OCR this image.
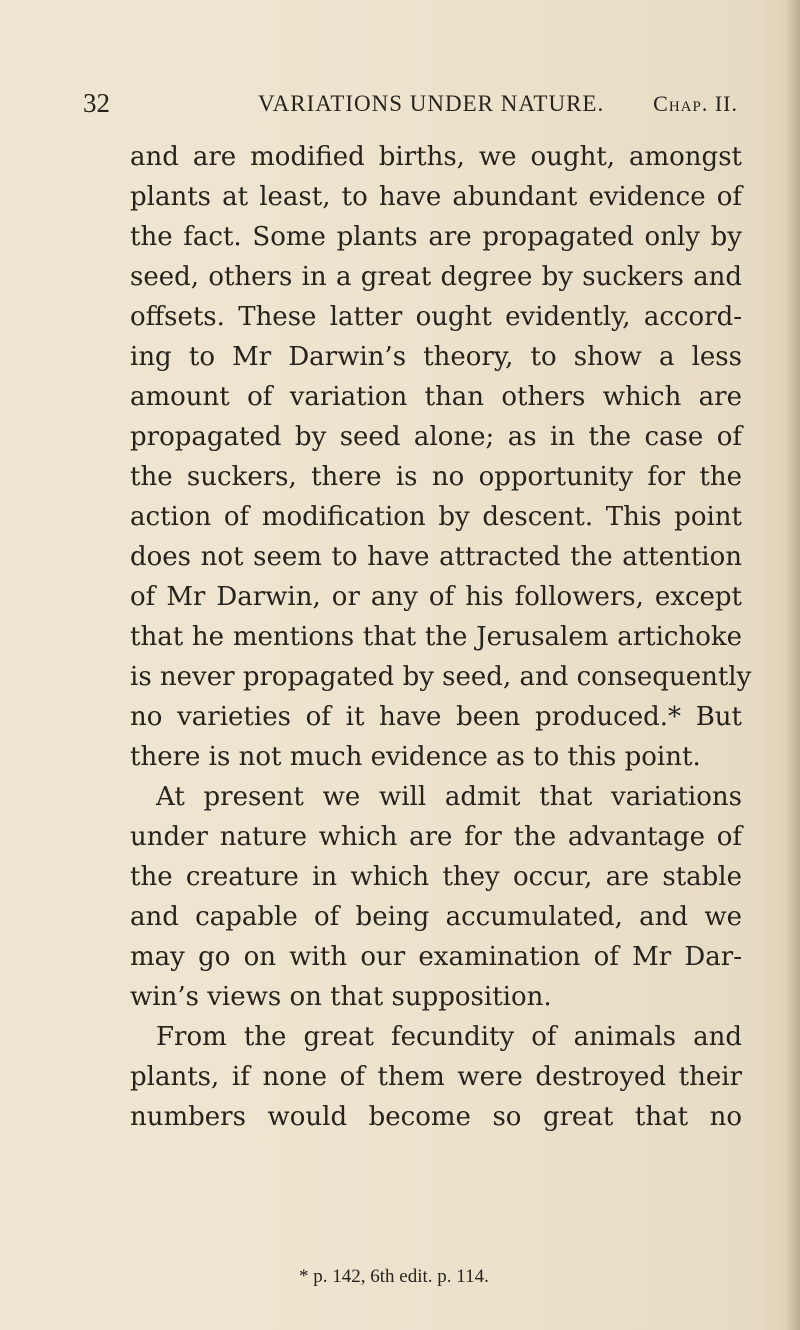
32	VARIATIONS UNDER NATURE. Chap. II.
and are modified births, we ought, amongst
plants at least, to have abundant evidence of
the fact. Some plants are propagated only by
seed, others in a great degree by suckers and
offsets. These latter ought evidently, accord-
ing to Mr Darwin’s theory, to show a less
amount of variation than others which are
propagated by seed alone; as in the case of
the suckers, there is no opportunity for the
action of modification by descent. This point
does not seem to have attracted the attention
of Mr Darwin, or any of his followers, except
that he mentions that the Jerusalem artichoke
is never propagated by seed, and consequently
no varieties of it have been produced.* But
there is not much evidence as to this point.
At present we will admit that variations
under nature which are for the advantage of
the creature in which they occur, are stable
and capable of being accumulated, and we
may go on with our examination of Mr Dar-
win’s views on that supposition.
From the great fecundity of animals and
plants, if none of them were destroyed their
numbers would become so great that no
* p. 142, 6th edit. p. 114.
